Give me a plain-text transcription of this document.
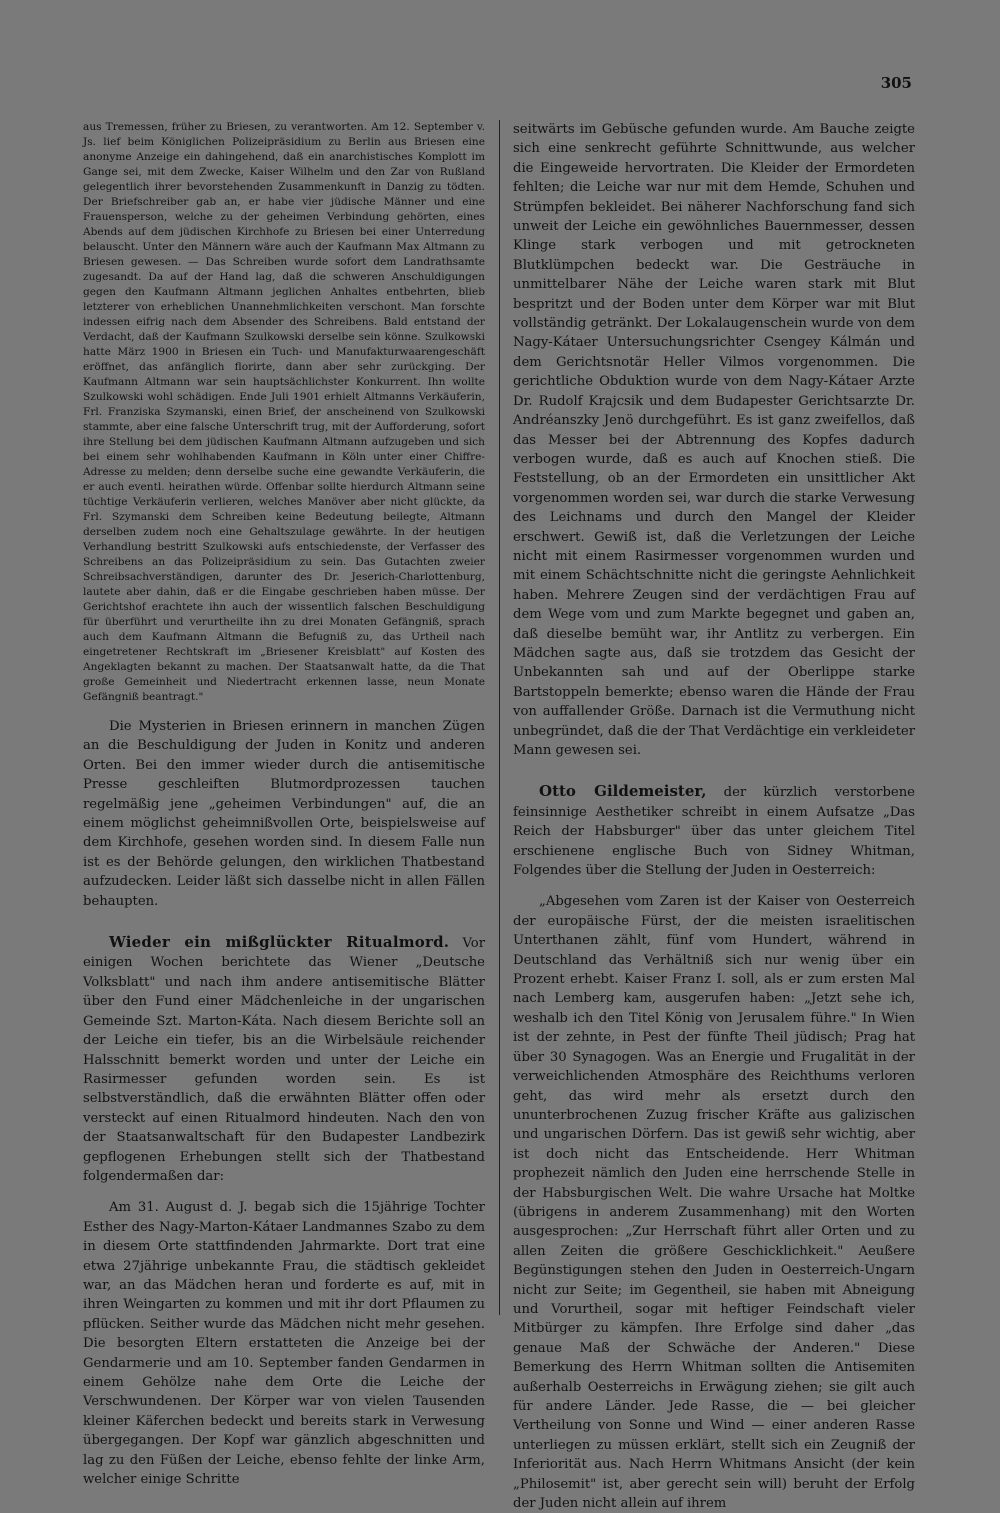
305

aus Tremessen, früher zu Briesen, zu verantworten. Am 12. September v. Js. lief beim Königlichen Polizeipräsidium zu Berlin aus Briesen eine anonyme Anzeige ein dahingehend, daß ein anarchistisches Komplott im Gange sei, mit dem Zwecke, Kaiser Wilhelm und den Zar von Rußland gelegentlich ihrer bevorstehenden Zusammenkunft in Danzig zu tödten. Der Briefschreiber gab an, er habe vier jüdische Männer und eine Frauensperson, welche zu der geheimen Verbindung gehörten, eines Abends auf dem jüdischen Kirchhofe zu Briesen bei einer Unterredung belauscht. Unter den Männern wäre auch der Kaufmann Max Altmann zu Briesen gewesen. — Das Schreiben wurde sofort dem Landrathsamte zugesandt. Da auf der Hand lag, daß die schweren Anschuldigungen gegen den Kaufmann Altmann jeglichen Anhaltes entbehrten, blieb letzterer von erheblichen Unannehmlichkeiten verschont. Man forschte indessen eifrig nach dem Absender des Schreibens. Bald entstand der Verdacht, daß der Kaufmann Szulkowski derselbe sein könne. Szulkowski hatte März 1900 in Briesen ein Tuch- und Manufakturwaarengeschäft eröffnet, das anfänglich florirte, dann aber sehr zurückging. Der Kaufmann Altmann war sein hauptsächlichster Konkurrent. Ihn wollte Szulkowski wohl schädigen. Ende Juli 1901 erhielt Altmanns Verkäuferin, Frl. Franziska Szymanski, einen Brief, der anscheinend von Szulkowski stammte, aber eine falsche Unterschrift trug, mit der Aufforderung, sofort ihre Stellung bei dem jüdischen Kaufmann Altmann aufzugeben und sich bei einem sehr wohlhabenden Kaufmann in Köln unter einer Chiffre-Adresse zu melden; denn derselbe suche eine gewandte Verkäuferin, die er auch eventl. heirathen würde. Offenbar sollte hierdurch Altmann seine tüchtige Verkäuferin verlieren, welches Manöver aber nicht glückte, da Frl. Szymanski dem Schreiben keine Bedeutung beilegte, Altmann derselben zudem noch eine Gehaltszulage gewährte. In der heutigen Verhandlung bestritt Szulkowski aufs entschiedenste, der Verfasser des Schreibens an das Polizeipräsidium zu sein. Das Gutachten zweier Schreibsachverständigen, darunter des Dr. Jeserich-Charlottenburg, lautete aber dahin, daß er die Eingabe geschrieben haben müsse. Der Gerichtshof erachtete ihn auch der wissentlich falschen Beschuldigung für überführt und verurtheilte ihn zu drei Monaten Gefängniß, sprach auch dem Kaufmann Altmann die Befugniß zu, das Urtheil nach eingetretener Rechtskraft im „Briesener Kreisblatt" auf Kosten des Angeklagten bekannt zu machen. Der Staatsanwalt hatte, da die That große Gemeinheit und Niedertracht erkennen lasse, neun Monate Gefängniß beantragt."

Die Mysterien in Briesen erinnern in manchen Zügen an die Beschuldigung der Juden in Konitz und anderen Orten. Bei den immer wieder durch die antisemitische Presse geschleiften Blutmordprozessen tauchen regelmäßig jene „geheimen Verbindungen" auf, die an einem möglichst geheimnißvollen Orte, beispielsweise auf dem Kirchhofe, gesehen worden sind. In diesem Falle nun ist es der Behörde gelungen, den wirklichen Thatbestand aufzudecken. Leider läßt sich dasselbe nicht in allen Fällen behaupten.

Wieder ein mißglückter Ritualmord. Vor einigen Wochen berichtete das Wiener „Deutsche Volksblatt" und nach ihm andere antisemitische Blätter über den Fund einer Mädchenleiche in der ungarischen Gemeinde Szt. Marton-Káta. Nach diesem Berichte soll an der Leiche ein tiefer, bis an die Wirbelsäule reichender Halsschnitt bemerkt worden und unter der Leiche ein Rasirmesser gefunden worden sein. Es ist selbstverständlich, daß die erwähnten Blätter offen oder versteckt auf einen Ritualmord hindeuten. Nach den von der Staatsanwaltschaft für den Budapester Landbezirk gepflogenen Erhebungen stellt sich der Thatbestand folgendermaßen dar:

Am 31. August d. J. begab sich die 15jährige Tochter Esther des Nagy-Marton-Kátaer Landmannes Szabo zu dem in diesem Orte stattfindenden Jahrmarkte. Dort trat eine etwa 27jährige unbekannte Frau, die städtisch gekleidet war, an das Mädchen heran und forderte es auf, mit in ihren Weingarten zu kommen und mit ihr dort Pflaumen zu pflücken. Seither wurde das Mädchen nicht mehr gesehen. Die besorgten Eltern erstatteten die Anzeige bei der Gendarmerie und am 10. September fanden Gendarmen in einem Gehölze nahe dem Orte die Leiche der Verschwundenen. Der Körper war von vielen Tausenden kleiner Käferchen bedeckt und bereits stark in Verwesung übergegangen. Der Kopf war gänzlich abgeschnitten und lag zu den Füßen der Leiche, ebenso fehlte der linke Arm, welcher einige Schritte

seitwärts im Gebüsche gefunden wurde. Am Bauche zeigte sich eine senkrecht geführte Schnittwunde, aus welcher die Eingeweide hervortraten. Die Kleider der Ermordeten fehlten; die Leiche war nur mit dem Hemde, Schuhen und Strümpfen bekleidet. Bei näherer Nachforschung fand sich unweit der Leiche ein gewöhnliches Bauernmesser, dessen Klinge stark verbogen und mit getrockneten Blutklümpchen bedeckt war. Die Gesträuche in unmittelbarer Nähe der Leiche waren stark mit Blut bespritzt und der Boden unter dem Körper war mit Blut vollständig getränkt. Der Lokalaugenschein wurde von dem Nagy-Kátaer Untersuchungsrichter Csengey Kálmán und dem Gerichtsnotär Heller Vilmos vorgenommen. Die gerichtliche Obduktion wurde von dem Nagy-Kátaer Arzte Dr. Rudolf Krajcsik und dem Budapester Gerichtsarzte Dr. Andréanszky Jenö durchgeführt. Es ist ganz zweifellos, daß das Messer bei der Abtrennung des Kopfes dadurch verbogen wurde, daß es auch auf Knochen stieß. Die Feststellung, ob an der Ermordeten ein unsittlicher Akt vorgenommen worden sei, war durch die starke Verwesung des Leichnams und durch den Mangel der Kleider erschwert. Gewiß ist, daß die Verletzungen der Leiche nicht mit einem Rasirmesser vorgenommen wurden und mit einem Schächtschnitte nicht die geringste Aehnlichkeit haben. Mehrere Zeugen sind der verdächtigen Frau auf dem Wege vom und zum Markte begegnet und gaben an, daß dieselbe bemüht war, ihr Antlitz zu verbergen. Ein Mädchen sagte aus, daß sie trotzdem das Gesicht der Unbekannten sah und auf der Oberlippe starke Bartstoppeln bemerkte; ebenso waren die Hände der Frau von auffallender Größe. Darnach ist die Vermuthung nicht unbegründet, daß die der That Verdächtige ein verkleideter Mann gewesen sei.

Otto Gildemeister, der kürzlich verstorbene feinsinnige Aesthetiker schreibt in einem Aufsatze „Das Reich der Habsburger" über das unter gleichem Titel erschienene englische Buch von Sidney Whitman, Folgendes über die Stellung der Juden in Oesterreich:

„Abgesehen vom Zaren ist der Kaiser von Oesterreich der europäische Fürst, der die meisten israelitischen Unterthanen zählt, fünf vom Hundert, während in Deutschland das Verhältniß sich nur wenig über ein Prozent erhebt. Kaiser Franz I. soll, als er zum ersten Mal nach Lemberg kam, ausgerufen haben: „Jetzt sehe ich, weshalb ich den Titel König von Jerusalem führe." In Wien ist der zehnte, in Pest der fünfte Theil jüdisch; Prag hat über 30 Synagogen. Was an Energie und Frugalität in der verweichlichenden Atmosphäre des Reichthums verloren geht, das wird mehr als ersetzt durch den ununterbrochenen Zuzug frischer Kräfte aus galizischen und ungarischen Dörfern. Das ist gewiß sehr wichtig, aber ist doch nicht das Entscheidende. Herr Whitman prophezeit nämlich den Juden eine herrschende Stelle in der Habsburgischen Welt. Die wahre Ursache hat Moltke (übrigens in anderem Zusammenhang) mit den Worten ausgesprochen: „Zur Herrschaft führt aller Orten und zu allen Zeiten die größere Geschicklichkeit." Aeußere Begünstigungen stehen den Juden in Oesterreich-Ungarn nicht zur Seite; im Gegentheil, sie haben mit Abneigung und Vorurtheil, sogar mit heftiger Feindschaft vieler Mitbürger zu kämpfen. Ihre Erfolge sind daher „das genaue Maß der Schwäche der Anderen." Diese Bemerkung des Herrn Whitman sollten die Antisemiten außerhalb Oesterreichs in Erwägung ziehen; sie gilt auch für andere Länder. Jede Rasse, die — bei gleicher Vertheilung von Sonne und Wind — einer anderen Rasse unterliegen zu müssen erklärt, stellt sich ein Zeugniß der Inferiorität aus. Nach Herrn Whitmans Ansicht (der kein „Philosemit" ist, aber gerecht sein will) beruht der Erfolg der Juden nicht allein auf ihrem
